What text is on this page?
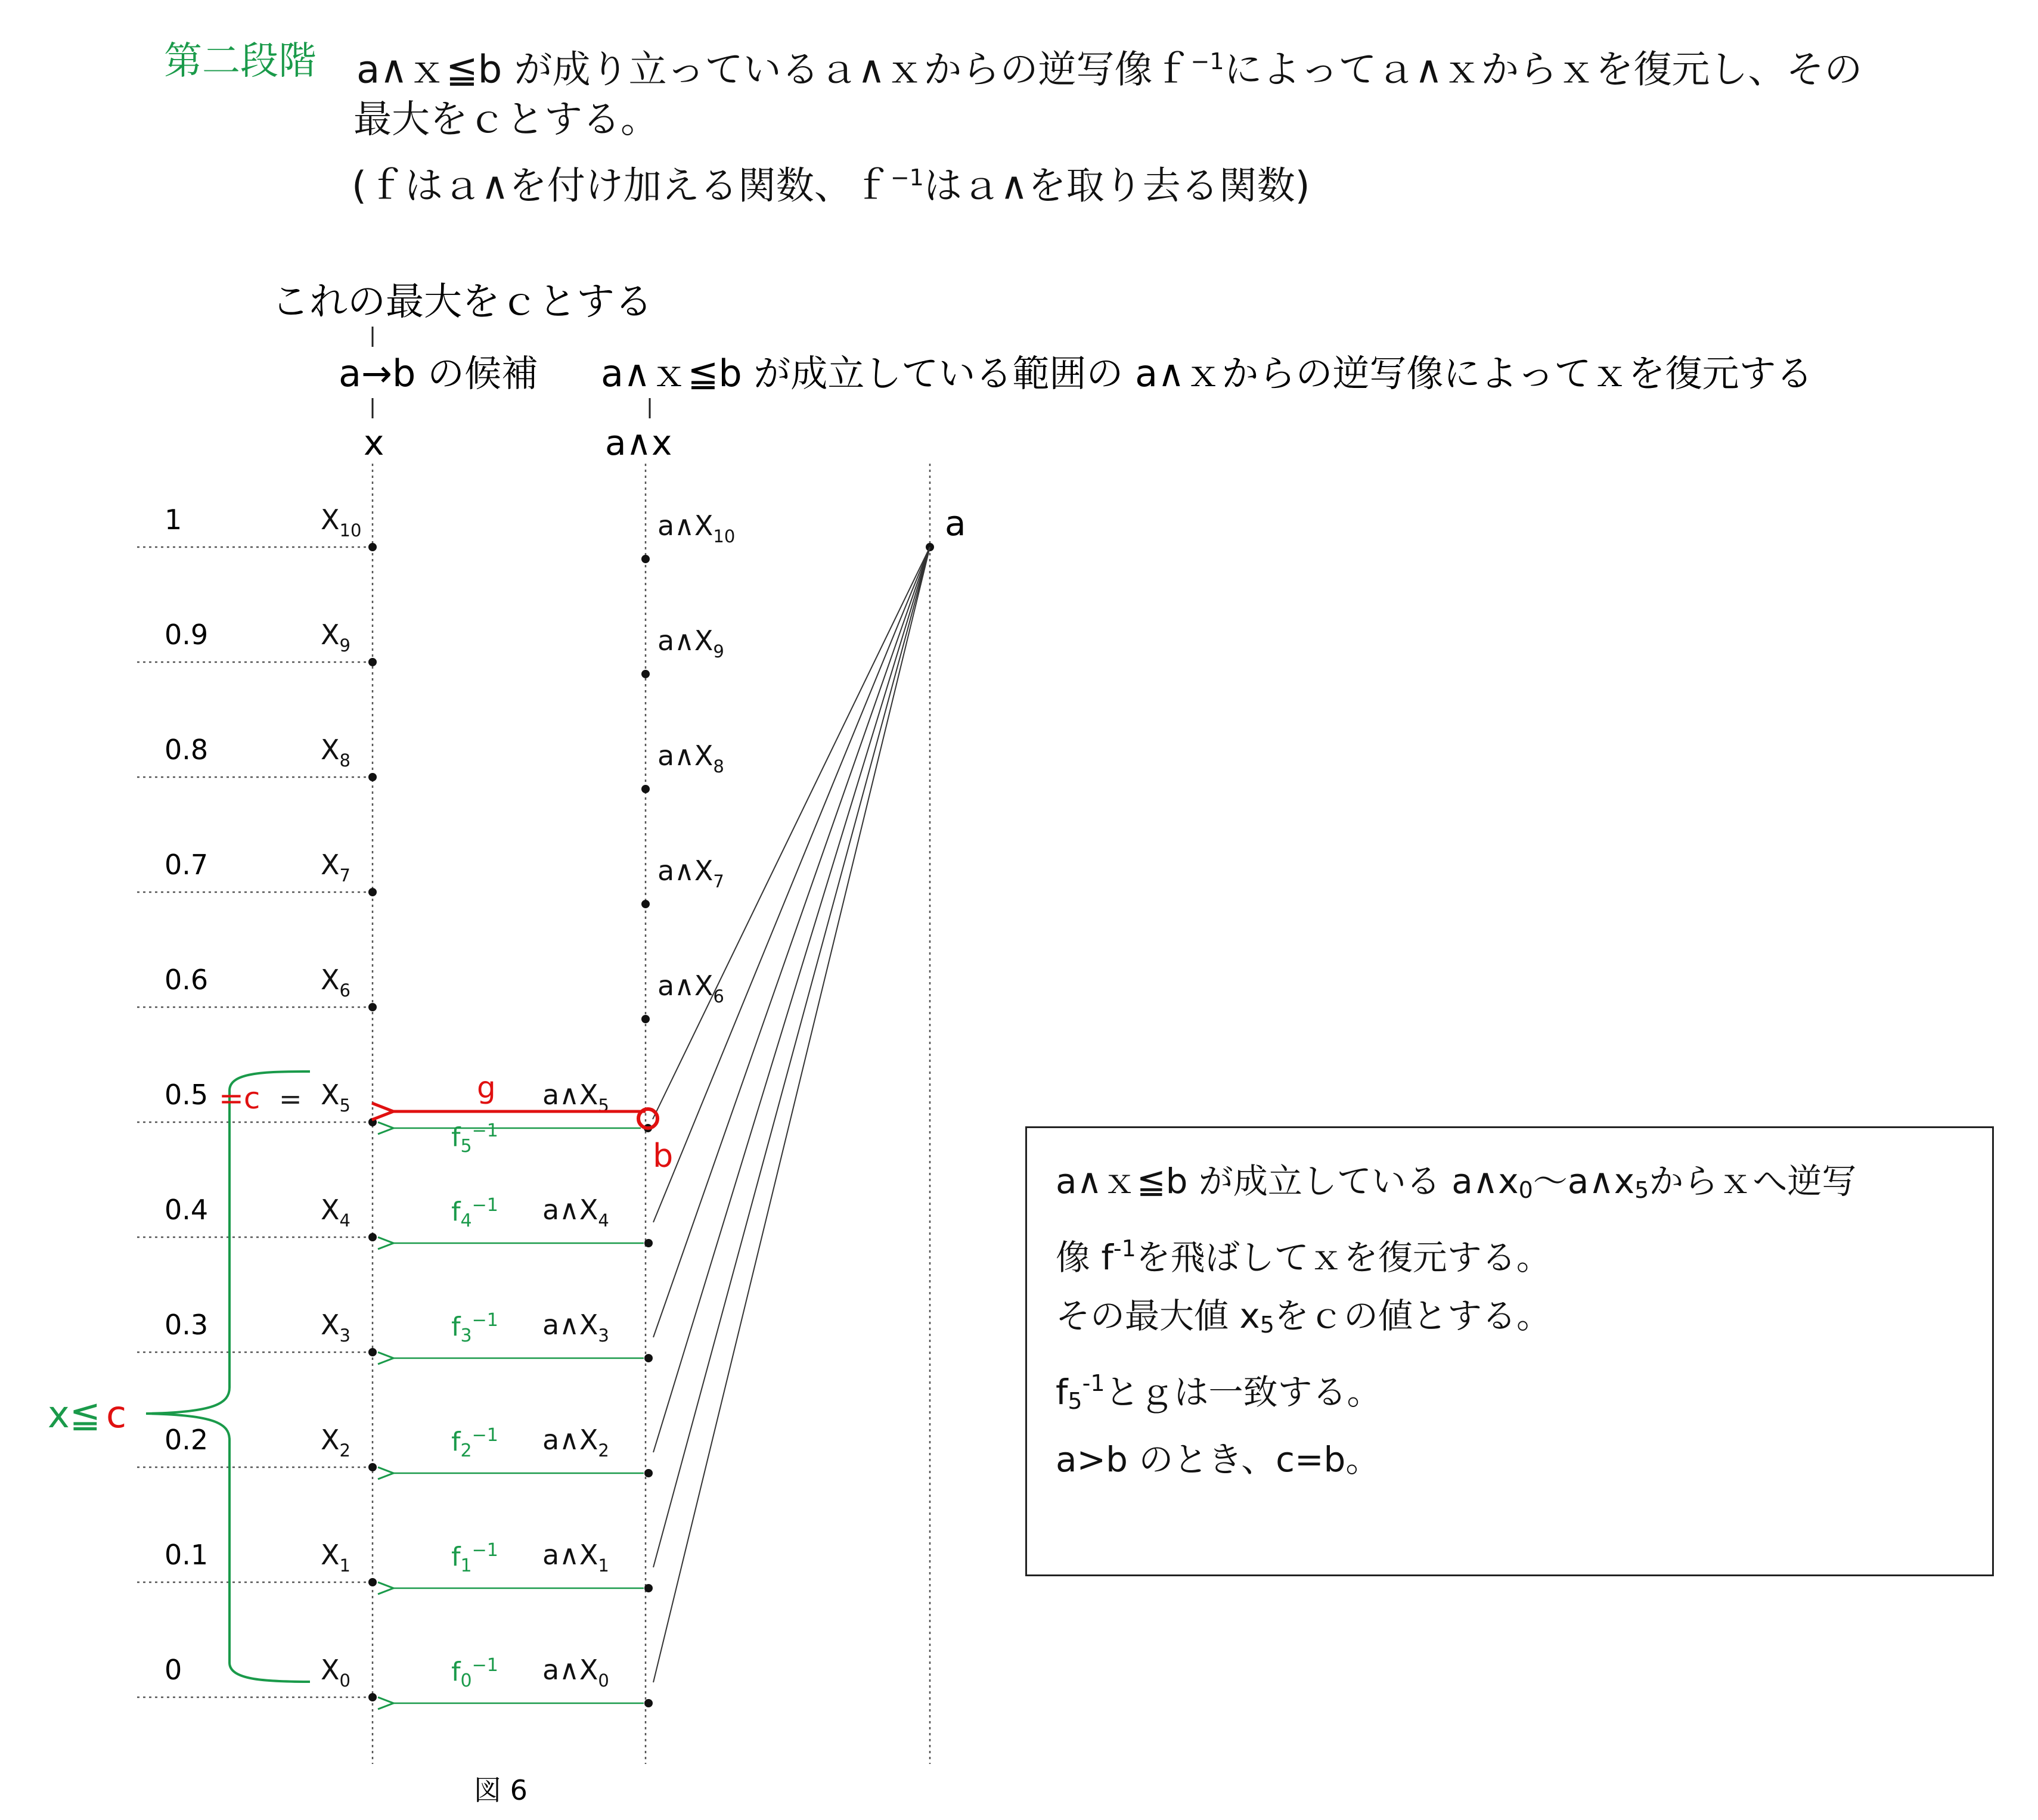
第二段階 a∧ｘ≦b が成り立っているａ∧ｘからの逆写像ｆ$^{-1}$によってａ∧ｘからｘを復元し、その
最大をｃとする。
(ｆはａ∧を付け加える関数、ｆ$^{-1}$はａ∧を取り去る関数)
これの最大をｃとする
a→b の候補 a∧ｘ≦b が成立している範囲の a∧ｘからの逆写像によってｘを復元する
x	a∧x
a
1	$X_{10}$	$a\wedge X_{10}$
0.9	$X_9$	$a\wedge X_9$
0.8	$X_8$	$a\wedge X_8$
0.7	$X_7$	$a\wedge X_7$
0.6	$X_6$	$a\wedge X_6$
0.5	$X_5$	$a\wedge X_5$
$f_5^{-1}$
0.4	$X_4$	$a\wedge X_4$
$f_4^{-1}$
0.3	$X_3$	$a\wedge X_3$
$f_3^{-1}$
0.2	$X_2$	$a\wedge X_2$
$f_2^{-1}$
0.1	$X_1$	$a\wedge X_1$
$f_1^{-1}$
0	$X_0$	$a\wedge X_0$
$f_0^{-1}$
g
b
x≦ c
=c =
図 6
a∧ｘ≦b が成立している $a\wedge x_0$〜$a\wedge x_5$からｘへ逆写
像 $f^{-1}$を飛ばしてｘを復元する。
その最大値 $x_5$をｃの値とする。
$f_5^{-1}$とｇは一致する。
a>b のとき、c=b。
